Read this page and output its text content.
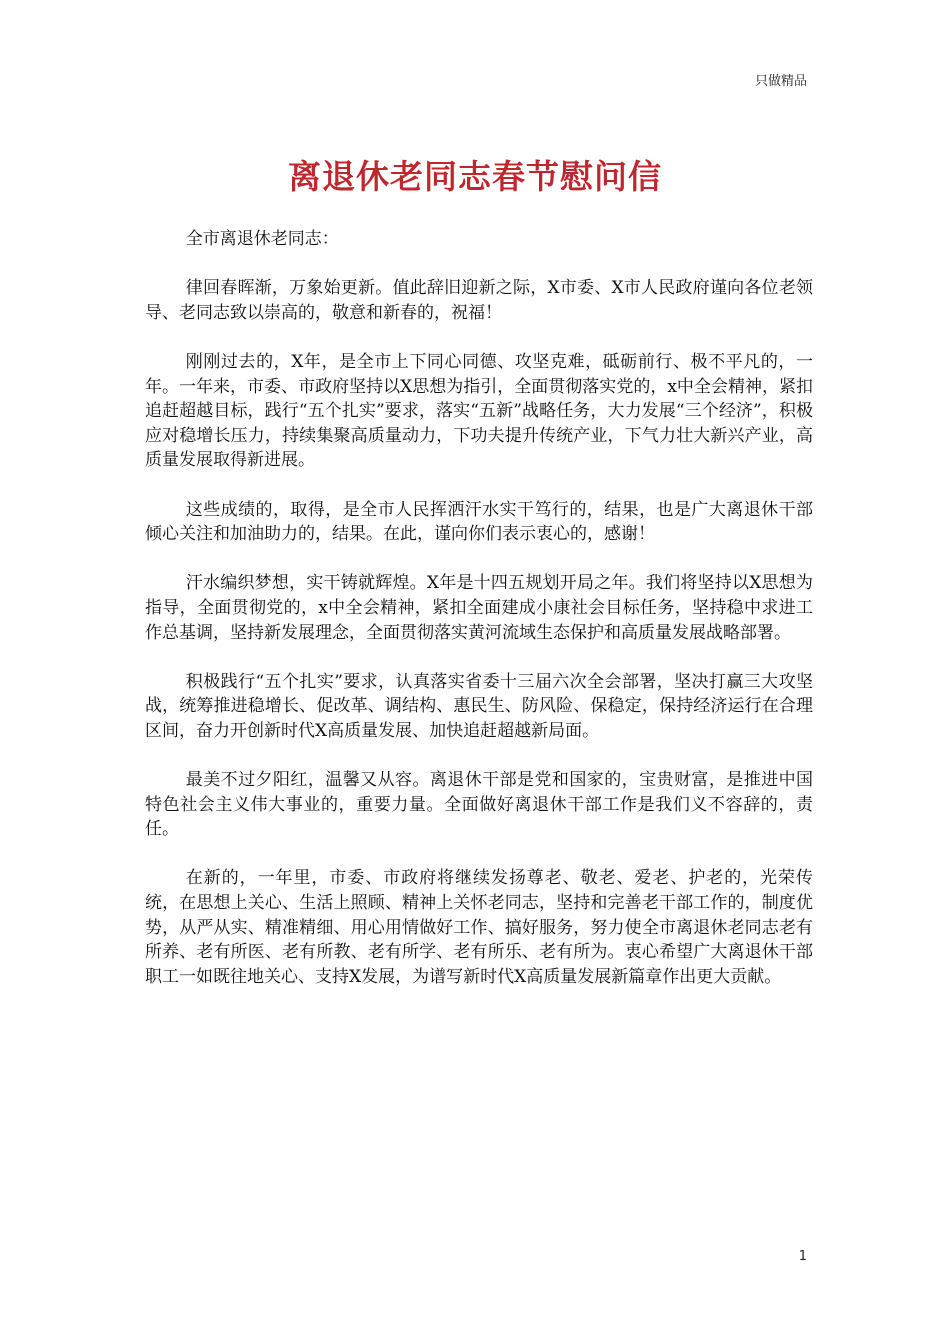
只做精品
离退休老同志春节慰问信

全市离退休老同志：

律回春晖渐，万象始更新。值此辞旧迎新之际，X市委、X市人民政府谨向各位老领导、老同志致以崇高的，敬意和新春的，祝福！

刚刚过去的，X年，是全市上下同心同德、攻坚克难，砥砺前行、极不平凡的，一年。一年来，市委、市政府坚持以X思想为指引，全面贯彻落实党的，x中全会精神，紧扣追赶超越目标，践行“五个扎实”要求，落实“五新”战略任务，大力发展“三个经济”，积极应对稳增长压力，持续集聚高质量动力，下功夫提升传统产业，下气力壮大新兴产业，高质量发展取得新进展。

这些成绩的，取得，是全市人民挥洒汗水实干笃行的，结果，也是广大离退休干部倾心关注和加油助力的，结果。在此，谨向你们表示衷心的，感谢！

汗水编织梦想，实干铸就辉煌。X年是十四五规划开局之年。我们将坚持以X思想为指导，全面贯彻党的，x中全会精神，紧扣全面建成小康社会目标任务，坚持稳中求进工作总基调，坚持新发展理念，全面贯彻落实黄河流域生态保护和高质量发展战略部署。

积极践行“五个扎实”要求，认真落实省委十三届六次全会部署，坚决打赢三大攻坚战，统筹推进稳增长、促改革、调结构、惠民生、防风险、保稳定，保持经济运行在合理区间，奋力开创新时代X高质量发展、加快追赶超越新局面。

最美不过夕阳红，温馨又从容。离退休干部是党和国家的，宝贵财富，是推进中国特色社会主义伟大事业的，重要力量。全面做好离退休干部工作是我们义不容辞的，责任。

在新的，一年里，市委、市政府将继续发扬尊老、敬老、爱老、护老的，光荣传统，在思想上关心、生活上照顾、精神上关怀老同志，坚持和完善老干部工作的，制度优势，从严从实、精准精细、用心用情做好工作、搞好服务，努力使全市离退休老同志老有所养、老有所医、老有所教、老有所学、老有所乐、老有所为。衷心希望广大离退休干部职工一如既往地关心、支持X发展，为谱写新时代X高质量发展新篇章作出更大贡献。

1
